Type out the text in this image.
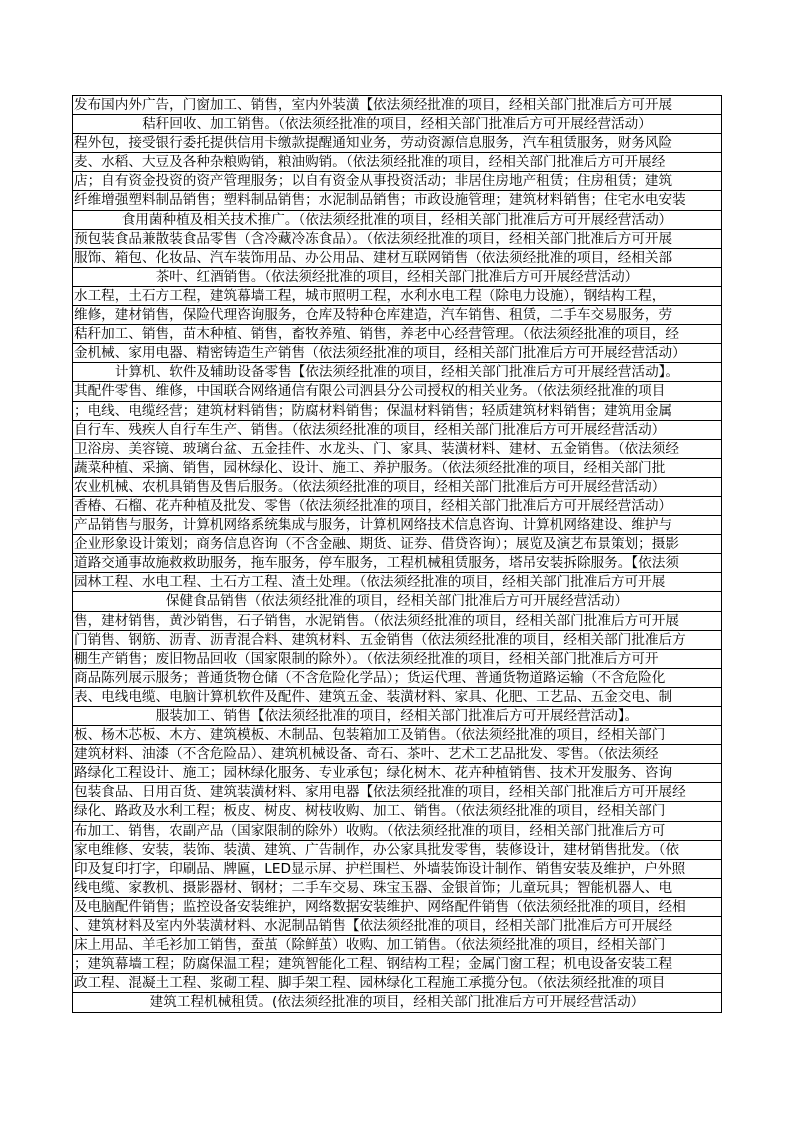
发布国内外广告，门窗加工、销售，室内外装潢【依法须经批准的项目，经相关部门批准后方可开展
秸秆回收、加工销售。（依法须经批准的项目，经相关部门批准后方可开展经营活动）
程外包，接受银行委托提供信用卡缴款提醒通知业务，劳动资源信息服务，汽车租赁服务，财务风险
麦、水稻、大豆及各种杂粮购销，粮油购销。（依法须经批准的项目，经相关部门批准后方可开展经
店；自有资金投资的资产管理服务；以自有资金从事投资活动；非居住房地产租赁；住房租赁；建筑
纤维增强塑料制品销售；塑料制品销售；水泥制品销售；市政设施管理；建筑材料销售；住宅水电安装
食用菌种植及相关技术推广。（依法须经批准的项目，经相关部门批准后方可开展经营活动）
预包装食品兼散装食品零售（含冷藏冷冻食品）。（依法须经批准的项目，经相关部门批准后方可开展
服饰、箱包、化妆品、汽车装饰用品、办公用品、建材互联网销售（依法须经批准的项目，经相关部
茶叶、红酒销售。（依法须经批准的项目，经相关部门批准后方可开展经营活动）
水工程，土石方工程，建筑幕墙工程，城市照明工程，水利水电工程（除电力设施），钢结构工程，
维修，建材销售，保险代理咨询服务，仓库及特种仓库建造，汽车销售、租赁，二手车交易服务，劳
秸秆加工、销售，苗木种植、销售，畜牧养殖、销售，养老中心经营管理。（依法须经批准的项目，经
金机械、家用电器、精密铸造生产销售（依法须经批准的项目，经相关部门批准后方可开展经营活动）
计算机、软件及辅助设备零售【依法须经批准的项目，经相关部门批准后方可开展经营活动】。
其配件零售、维修，中国联合网络通信有限公司泗县分公司授权的相关业务。（依法须经批准的项目
；电线、电缆经营；建筑材料销售；防腐材料销售；保温材料销售；轻质建筑材料销售；建筑用金属
自行车、残疾人自行车生产、销售。（依法须经批准的项目，经相关部门批准后方可开展经营活动）
卫浴房、美容镜、玻璃台盆、五金挂件、水龙头、门、家具、装潢材料、建材、五金销售。（依法须经
蔬菜种植、采摘、销售，园林绿化、设计、施工、养护服务。（依法须经批准的项目，经相关部门批
农业机械、农机具销售及售后服务。（依法须经批准的项目，经相关部门批准后方可开展经营活动）
香椿、石榴、花卉种植及批发、零售（依法须经批准的项目，经相关部门批准后方可开展经营活动）
产品销售与服务，计算机网络系统集成与服务，计算机网络技术信息咨询、计算机网络建设、维护与
企业形象设计策划；商务信息咨询（不含金融、期货、证券、借贷咨询）；展览及演艺布景策划；摄影
道路交通事故施救救助服务，拖车服务，停车服务，工程机械租赁服务，塔吊安装拆除服务。【依法须
园林工程、水电工程、土石方工程、渣土处理。（依法须经批准的项目，经相关部门批准后方可开展
保健食品销售（依法须经批准的项目，经相关部门批准后方可开展经营活动）
售，建材销售，黄沙销售，石子销售，水泥销售。（依法须经批准的项目，经相关部门批准后方可开展
门销售、钢筋、沥青、沥青混合料、建筑材料、五金销售（依法须经批准的项目，经相关部门批准后方
棚生产销售；废旧物品回收（国家限制的除外）。（依法须经批准的项目，经相关部门批准后方可开
商品陈列展示服务；普通货物仓储（不含危险化学品）；货运代理、普通货物道路运输（不含危险化
表、电线电缆、电脑计算机软件及配件、建筑五金、装潢材料、家具、化肥、工艺品、五金交电、制
服装加工、销售【依法须经批准的项目，经相关部门批准后方可开展经营活动】。
板、杨木芯板、木方、建筑模板、木制品、包装箱加工及销售。（依法须经批准的项目，经相关部门
建筑材料、油漆（不含危险品）、建筑机械设备、奇石、茶叶、艺术工艺品批发、零售。（依法须经
路绿化工程设计、施工；园林绿化服务、专业承包；绿化树木、花卉种植销售、技术开发服务、咨询
包装食品、日用百货、建筑装潢材料、家用电器【依法须经批准的项目，经相关部门批准后方可开展经
绿化、路政及水利工程；板皮、树皮、树枝收购、加工、销售。（依法须经批准的项目，经相关部门
布加工、销售，农副产品（国家限制的除外）收购。（依法须经批准的项目，经相关部门批准后方可
家电维修、安装，装饰、装潢、建筑、广告制作，办公家具批发零售，装修设计，建材销售批发。（依
印及复印打字，印刷品、牌匾，LED显示屏、护栏围栏、外墙装饰设计制作、销售安装及维护，户外照
线电缆、家教机、摄影器材、钢材；二手车交易、珠宝玉器、金银首饰；儿童玩具；智能机器人、电
及电脑配件销售；监控设备安装维护，网络数据安装维护、网络配件销售（依法须经批准的项目，经相
、建筑材料及室内外装潢材料、水泥制品销售【依法须经批准的项目，经相关部门批准后方可开展经
床上用品、羊毛衫加工销售，蚕茧（除鲜茧）收购、加工销售。（依法须经批准的项目，经相关部门
；建筑幕墙工程；防腐保温工程；建筑智能化工程、钢结构工程；金属门窗工程；机电设备安装工程
政工程、混凝土工程、浆砌工程、脚手架工程、园林绿化工程施工承揽分包。（依法须经批准的项目
建筑工程机械租赁。(依法须经批准的项目，经相关部门批准后方可开展经营活动）
